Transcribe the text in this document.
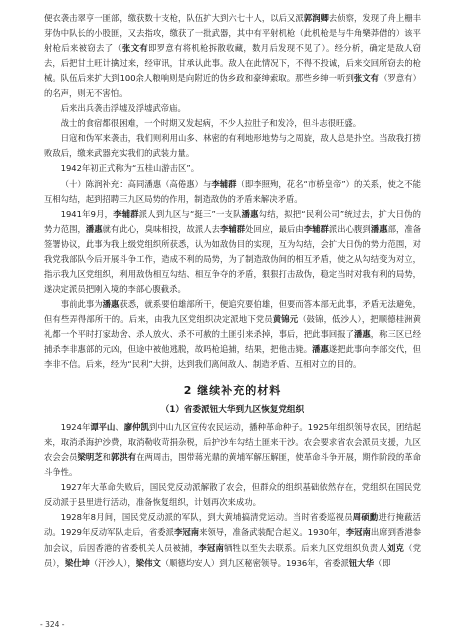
便衣袭击翠亨一匪部，缴获数十支枪，队伍扩大到六七十人，以后又派郭润卿去侦察，发现了舟上栅丰芽伪中队长的小股匪，又去指攻，缴获了一批武器，其中有平射机枪（此机枪是与牛角樂莽借的）该平射枪后来被窃去了（张文有即罗意有将机枪拆散收藏，数月后发现不见了）。经分析，确定是敌人窃去，后把甘土旺计擒过来，经审讯，甘承认此事。敌人在此情况下，不得不投诚，后来交回所窃去的枪械。队伍后来扩大到100余人粮响则是向附近的伪乡政和豪绅索取。那些乡绅一听到张文有（罗意有）的名声，则无不害怕。

后来出兵袭击浮墟及浮墟武帝庙。

战士的食宿都很困难，一个时期又发起病，不少人拉肚子和发冷，但斗志很旺盛。

日寇和伪军来袭击，我们则利用山多、林密的有利地形地势与之周旋，敌人总是扑空。当敌我打捞败敌后，缴来武器充实我们的武装力量。

1942年初正式称为“五桂山游击区”。

（十）陈润补充：高同潘惠（高倦惠）与李辅群（即李照殉，花名“市桥皇帝”）的关系，使之不能互相勾结，起到招聘三九区局势的作用，制造敌伪的矛盾来解决矛盾。

1941年9月，李辅群派人到九区与“挺三”一支队潘惠勾结，拟把“民利公司”统过去，扩大日伪的势力范围，潘惠就有此心，臭味相投，故派人去李辅群处回应，最后由李辅群派出心腹到潘惠部，准备签署协议，此事为我上级党组织所获悉，认为如敌伪目的实现，互为勾结，会扩大日伪的势力范围，对我党我部队今后开展斗争工作，造成不利的局势，为了制造敌伪间的相互矛盾，使之从勾结变为对立，指示我九区党组织，利用敌伪相互勾结、相互争夺的矛盾，狠狠打击敌伪，稳定当时对我有利的局势，遂决定派员把刚入境的李部心腹截杀。

事前此事为潘惠获悉，就系要伯雄部所干，便追究要伯雄，但要而答本部无此事，矛盾无法避免，但有些弄得部所干的。后来，由我九区党组织决定派地下党员黄锦元（鼓锦，低沙人），把顺德桂洲黄礼都一个平时打家劫舍、杀人放火、杀不可赦的土匪引来杀掉，事后，把此事回报了潘惠，称三区已经捕杀李非惠部的元凶，但途中被他逃脱，故吗枪追捕，结果，把他击毙。潘惠遂把此事向李部交代，但李非不信。后来，经为“民利”大拼，达到我们离间敌人、制造矛盾、互相对立的目的。

2 继续补充的材料
（1）省委派钮大华到九区恢复党组织

1924年谭平山、廖仲凯到中山九区宣传农民运动，播种革命种子。1925年组织领导农民，团结起来，取消杀海护沙费，取消勒收苛捐杂税，后护沙车勾结土匪来干沙。农会要求省农会派员支援，九区农会会员梁明芝和郭洪有在两周击，围带蒋光鼎的黄埔军解压解匪，使革命斗争开展，期作阶段的革命斗争性。

1927年大革命失败后，国民党反动派解散了农会，但群众的组织基础依然存在，党组织在国民党反动派于县里进行活动，准备恢复组织，计划再次来成功。

1928年8月间，国民党反动派的军队，到大黄埔搞清党运动。当时省委巡视员周硕勳进行掩蔽活动。1929年反动军队走后，省委派李冠南来领导，准备武装配合起义。1930年，李冠南出席到香港参加会议，后因香港的省委机关人员被捕，李冠南牺牲以至失去联系。后来九区党组织负责人刘克（党员），梁仕坤（汗沙人），梁伟文（顺德均安人）到九区秘密领导。1936年，省委派钮大华（即

- 324 -
